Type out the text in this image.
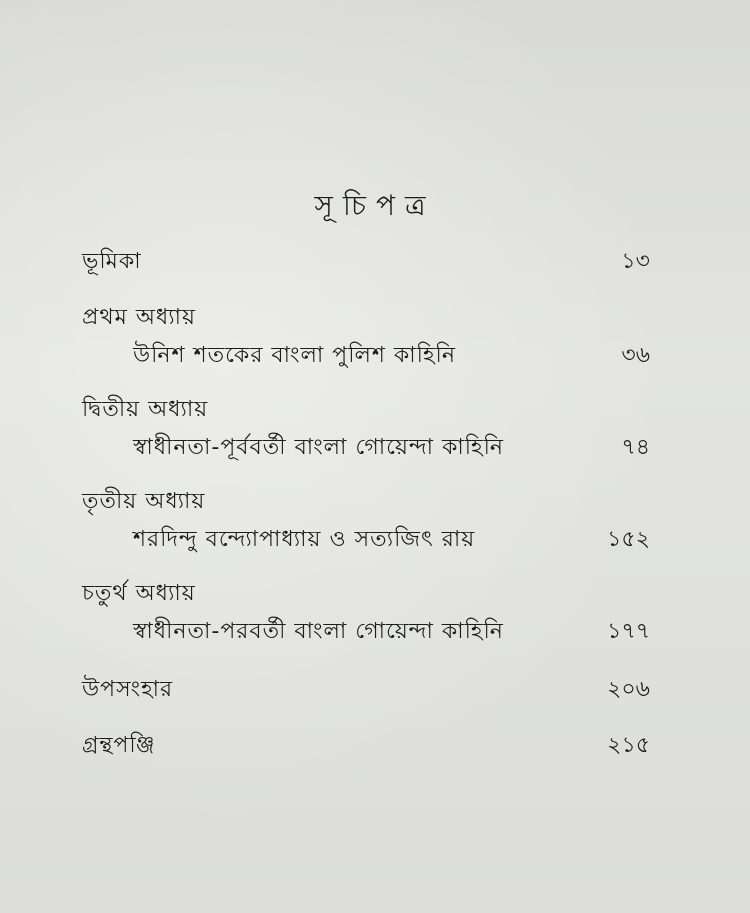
সূচিপত্র
ভূমিকা	১৩
প্রথম অধ্যায়
উনিশ শতকের বাংলা পুলিশ কাহিনি	৩৬
দ্বিতীয় অধ্যায়
স্বাধীনতা-পূর্ববর্তী বাংলা গোয়েন্দা কাহিনি	৭৪
তৃতীয় অধ্যায়
শরদিন্দু বন্দ্যোপাধ্যায় ও সত্যজিৎ রায়	১৫২
চতুর্থ অধ্যায়
স্বাধীনতা-পরবর্তী বাংলা গোয়েন্দা কাহিনি	১৭৭
উপসংহার	২০৬
গ্রন্থপঞ্জি	২১৫
